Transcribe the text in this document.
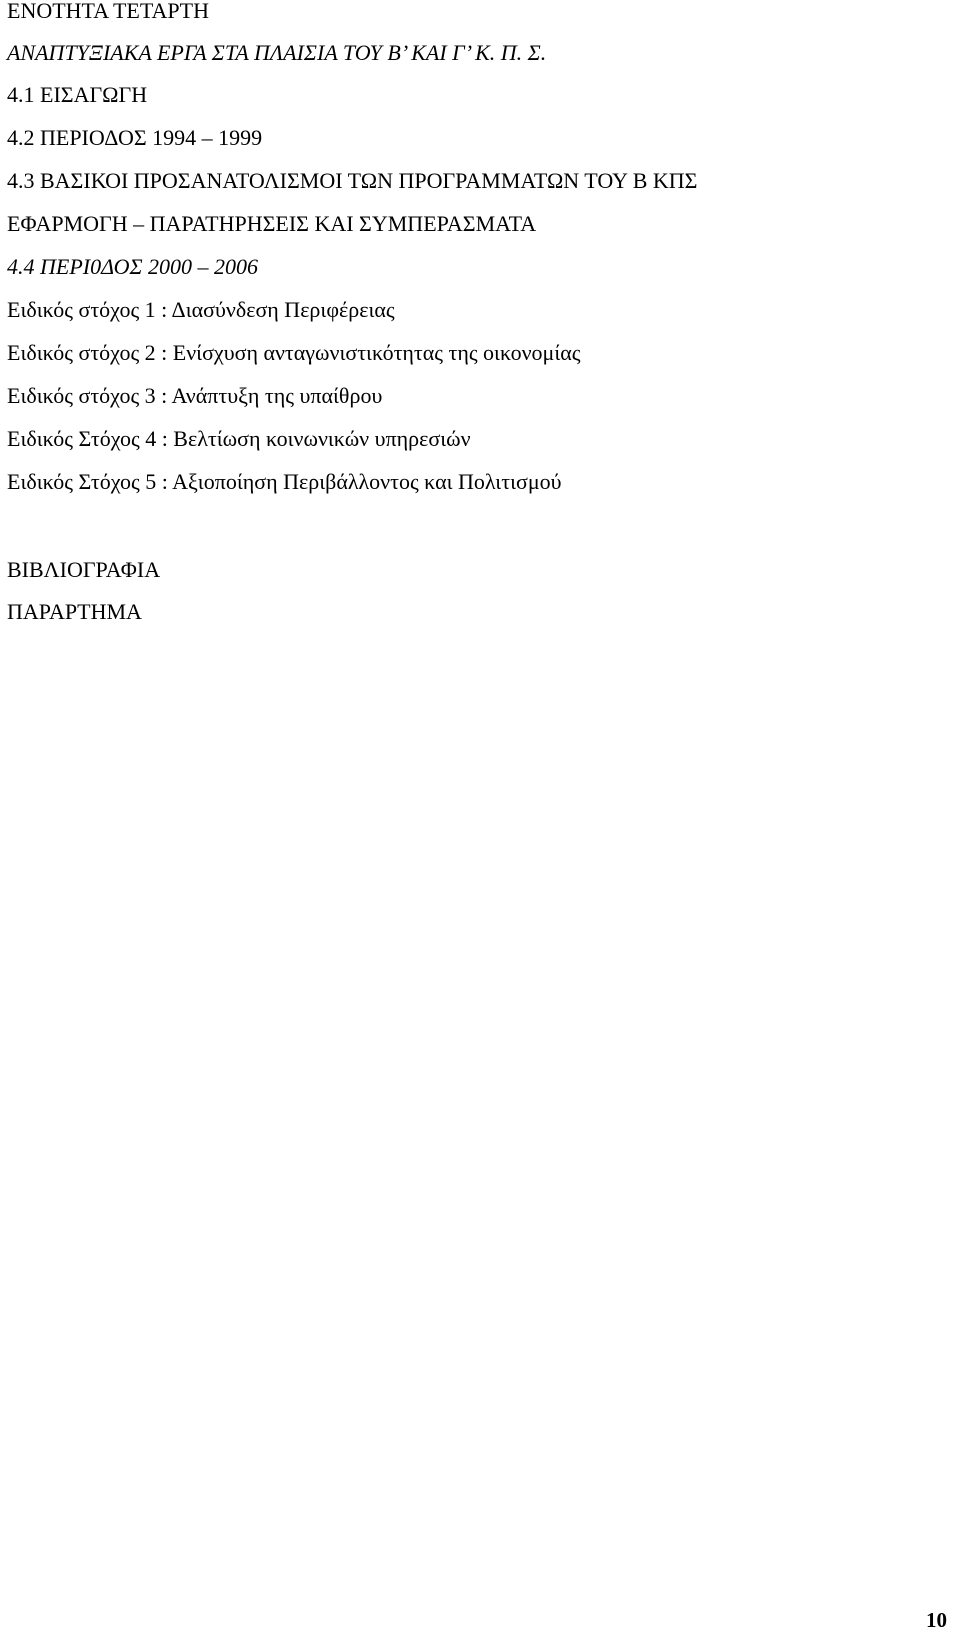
ΕΝΟΤΗΤΑ ΤΕΤΑΡΤΗ
ΑΝΑΠΤΥΞΙΑΚΑ ΕΡΓΑ ΣΤΑ ΠΛΑΙΣΙΑ ΤΟΥ Β’ ΚΑΙ Γ’ Κ. Π. Σ.
4.1 ΕΙΣΑΓΩΓΗ
4.2 ΠΕΡΙΟΔΟΣ 1994 – 1999
4.3 ΒΑΣΙΚΟΙ ΠΡΟΣΑΝΑΤΟΛΙΣΜΟΙ ΤΩΝ ΠΡΟΓΡΑΜΜΑΤΩΝ ΤΟΥ Β ΚΠΣ
ΕΦΑΡΜΟΓΗ – ΠΑΡΑΤΗΡΗΣΕΙΣ ΚΑΙ ΣΥΜΠΕΡΑΣΜΑΤΑ
4.4 ΠΕΡΙ0ΔΟΣ 2000 – 2006
Ειδικός στόχος 1 : Διασύνδεση Περιφέρειας
Ειδικός στόχος 2 : Ενίσχυση ανταγωνιστικότητας της οικονομίας
Ειδικός στόχος 3 : Ανάπτυξη της υπαίθρου
Ειδικός Στόχος 4 : Βελτίωση κοινωνικών υπηρεσιών
Ειδικός Στόχος 5 : Αξιοποίηση Περιβάλλοντος και Πολιτισμού
ΒΙΒΛΙΟΓΡΑΦΙΑ
ΠΑΡΑΡΤΗΜΑ
10
